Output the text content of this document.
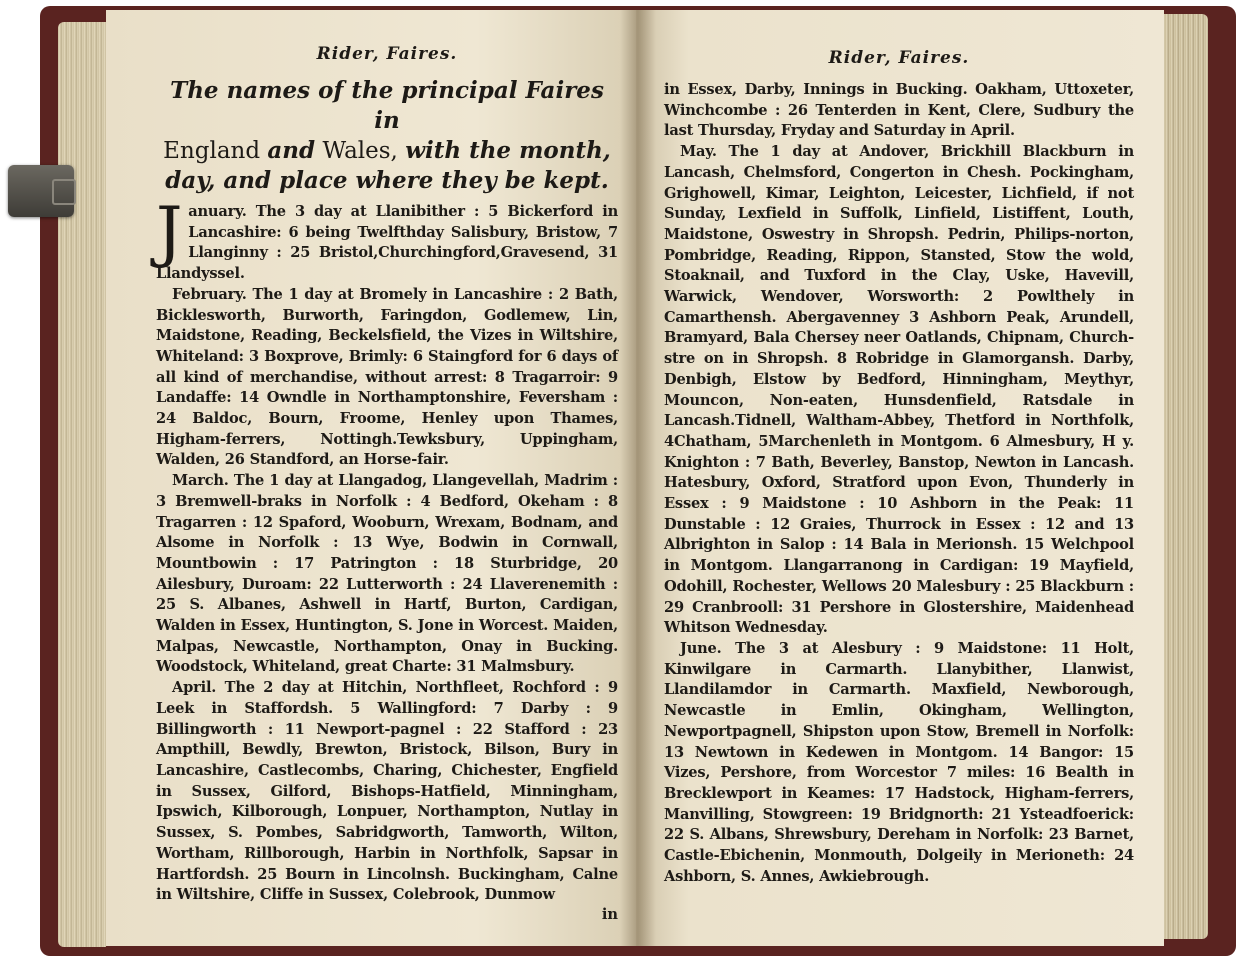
Rider, Faires.
The names of the principal Faires in
England and Wales, with the month,
day, and place where they be kept.

January. The 3 day at Llanibither : 5 Bickerford in Lancashire: 6 being Twelfthday Salisbury, Bristow, 7 Llanginny : 25 Bristol,Churchingford,Gravesend, 31 Llandyssel.

February. The 1 day at Bromely in Lancashire : 2 Bath, Bicklesworth, Burworth, Faringdon, Godlemew, Lin, Maidstone, Reading, Beckelsfield, the Vizes in Wiltshire, Whiteland: 3 Boxprove, Brimly: 6 Staingford for 6 days of all kind of merchandise, without arrest: 8 Tragarroir: 9 Landaffe: 14 Owndle in Northamptonshire, Feversham : 24 Baldoc, Bourn, Froome, Henley upon Thames, Higham-ferrers, Nottingh.Tewksbury, Uppingham, Walden, 26 Standford, an Horse-fair.

March. The 1 day at Llangadog, Llangevellah, Madrim : 3 Bremwell-braks in Norfolk : 4 Bedford, Okeham : 8 Tragarren : 12 Spaford, Wooburn, Wrexam, Bodnam, and Alsome in Norfolk : 13 Wye, Bodwin in Cornwall, Mountbowin : 17 Patrington : 18 Sturbridge, 20 Ailesbury, Duroam: 22 Lutterworth : 24 Llaverenemith : 25 S. Albanes, Ashwell in Hartf, Burton, Cardigan, Walden in Essex, Huntington, S. Jone in Worcest. Maiden, Malpas, Newcastle, Northampton, Onay in Bucking. Woodstock, Whiteland, great Charte: 31 Malmsbury.

April. The 2 day at Hitchin, Northfleet, Rochford : 9 Leek in Staffordsh. 5 Wallingford: 7 Darby : 9 Billingworth : 11 Newport-pagnel : 22 Stafford : 23 Ampthill, Bewdly, Brewton, Bristock, Bilson, Bury in Lancashire, Castlecombs, Charing, Chichester, Engfield in Sussex, Gilford, Bishops-Hatfield, Minningham, Ipswich, Kilborough, Lonpuer, Northampton, Nutlay in Sussex, S. Pombes, Sabridgworth, Tamworth, Wilton, Wortham, Rillborough, Harbin in Northfolk, Sapsar in Hartfordsh. 25 Bourn in Lincolnsh. Buckingham, Calne in Wiltshire, Cliffe in Sussex, Colebrook, Dunmow

in
Rider, Faires.

in Essex, Darby, Innings in Bucking. Oakham, Uttoxeter, Winchcombe : 26 Tenterden in Kent, Clere, Sudbury the last Thursday, Fryday and Saturday in April.

May. The 1 day at Andover, Brickhill Blackburn in Lancash, Chelmsford, Congerton in Chesh. Pockingham, Grighowell, Kimar, Leighton, Leicester, Lichfield, if not Sunday, Lexfield in Suffolk, Linfield, Listiffent, Louth, Maidstone, Oswestry in Shropsh. Pedrin, Philips-norton, Pombridge, Reading, Rippon, Stansted, Stow the wold, Stoaknail, and Tuxford in the Clay, Uske, Havevill, Warwick, Wendover, Worsworth: 2 Powlthely in Camarthensh. Abergavenney 3 Ashborn Peak, Arundell, Bramyard, Bala Chersey neer Oatlands, Chipnam, Church-stre on in Shropsh. 8 Robridge in Glamorgansh. Darby, Denbigh, Elstow by Bedford, Hinningham, Meythyr, Mouncon, Non-eaten, Hunsdenfield, Ratsdale in Lancash.Tidnell, Waltham-Abbey, Thetford in Northfolk, 4Chatham, 5Marchenleth in Montgom. 6 Almesbury, H y. Knighton : 7 Bath, Beverley, Banstop, Newton in Lancash. Hatesbury, Oxford, Stratford upon Evon, Thunderly in Essex : 9 Maidstone : 10 Ashborn in the Peak: 11 Dunstable : 12 Graies, Thurrock in Essex : 12 and 13 Albrighton in Salop : 14 Bala in Merionsh. 15 Welchpool in Montgom. Llangarranong in Cardigan: 19 Mayfield, Odohill, Rochester, Wellows 20 Malesbury : 25 Blackburn : 29 Cranbrooll: 31 Pershore in Glostershire, Maidenhead Whitson Wednesday.

June. The 3 at Alesbury : 9 Maidstone: 11 Holt, Kinwilgare in Carmarth. Llanybither, Llanwist, Llandilamdor in Carmarth. Maxfield, Newborough, Newcastle in Emlin, Okingham, Wellington, Newportpagnell, Shipston upon Stow, Bremell in Norfolk: 13 Newtown in Kedewen in Montgom. 14 Bangor: 15 Vizes, Pershore, from Worcestor 7 miles: 16 Bealth in Brecklewport in Keames: 17 Hadstock, Higham-ferrers, Manvilling, Stowgreen: 19 Bridgnorth: 21 Ysteadfoerick: 22 S. Albans, Shrewsbury, Dereham in Norfolk: 23 Barnet, Castle-Ebichenin, Monmouth, Dolgeily in Merioneth: 24 Ashborn, S. Annes, Awkiebrough.
